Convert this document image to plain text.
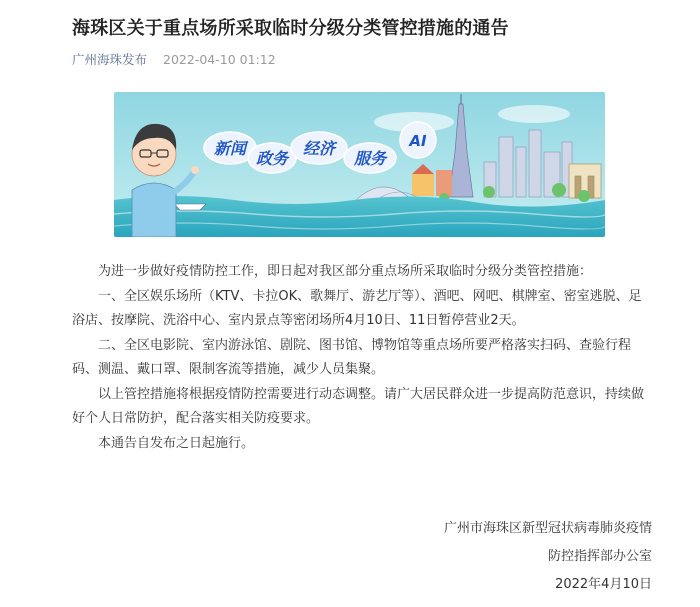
海珠区关于重点场所采取临时分级分类管控措施的通告
广州海珠发布 2022-04-10 01:12
新闻
政务
经济
服务
AI

为进一步做好疫情防控工作，即日起对我区部分重点场所采取临时分级分类管控措施：

一、全区娱乐场所（KTV、卡拉OK、歌舞厅、游艺厅等）、酒吧、网吧、棋牌室、密室逃脱、足浴店、按摩院、洗浴中心、室内景点等密闭场所4月10日、11日暂停营业2天。

二、全区电影院、室内游泳馆、剧院、图书馆、博物馆等重点场所要严格落实扫码、查验行程码、测温、戴口罩、限制客流等措施，减少人员集聚。

以上管控措施将根据疫情防控需要进行动态调整。请广大居民群众进一步提高防范意识，持续做好个人日常防护，配合落实相关防疫要求。

本通告自发布之日起施行。

广州市海珠区新型冠状病毒肺炎疫情
防控指挥部办公室
2022年4月10日
